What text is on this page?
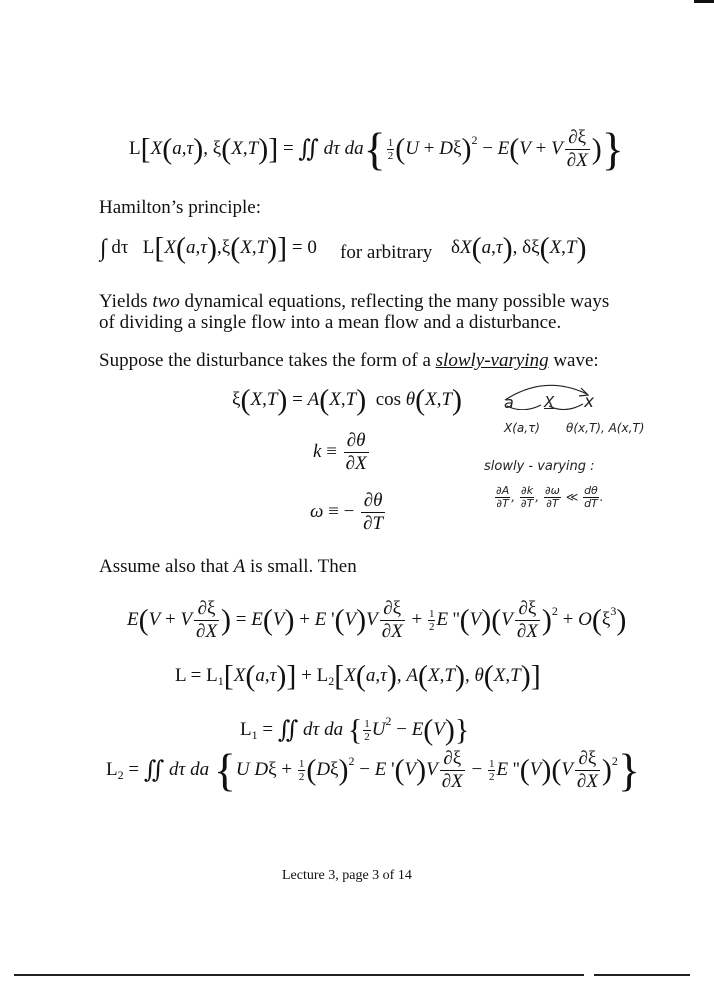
L[X(a,τ), ξ(X,T)] = ∬ dτ $da\{ \frac{1}{2} (U + D\xi)^2 - E(V + V \frac{\partial\xi}{\partial X}$ )}
Hamilton’s principle:
∫ dτ   L[X(a,τ),ξ(X,T)] = 0 for arbitrary δX(a,τ), δξ(X,T)
Yields two dynamical equations, reflecting the many possible ways
of dividing a single flow into a mean flow and a disturbance.
Suppose the disturbance takes the form of a slowly-varying wave:
ξ(X,T) = A(X,T)  cos θ(X,T)
$k \equiv \frac{\partial\theta}{\partial X}$
ω ≡ − $\frac{\partial\theta}{\partial T}$
a X x
X(a,τ) θ(x,T), A(x,T)
slowly - varying :
$\frac{\partial A}{\partial T}$ , $\frac{\partial k}{\partial T}$ , $\frac{\partial\omega}{\partial T}$ ≪ $\frac{d\theta}{dT}$ .
Assume also that A is small. Then
E(V + V $\frac{\partial\xi}{\partial X}$ ) = E(V) + E '$(V)V \frac{\partial\xi}{\partial X} + \frac{1}{2}$ E ''$(V)(V \frac{\partial\xi}{\partial X} )^2 + O(\xi^3)$
$L = L_1[X(a,\tau)] + L_2[X(a,\tau)$, A(X,T), θ(X,T)]
$L_1$ = ∬ dτ da { $\frac{1}{2} U^2 - E(V)$}
$L_2$ = ∬ dτ da {U $D\xi + \frac{1}{2} (D\xi)^2 - E$ '$(V)V \frac{\partial\xi}{\partial X} - \frac{1}{2}$ E ''$(V)(V \frac{\partial\xi}{\partial X} )^2$}
Lecture 3, page 3 of 14
